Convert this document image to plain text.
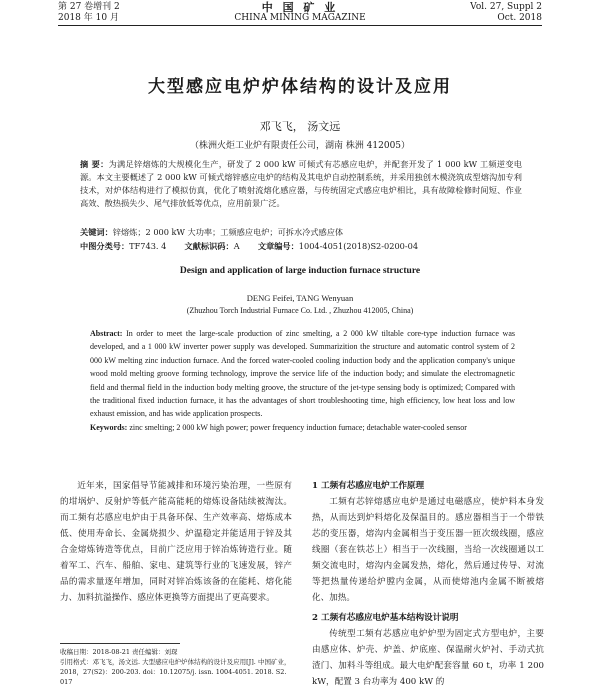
第 27 卷增刊 2
2018 年 10 月
中 国 矿 业
CHINA MINING MAGAZINE
Vol. 27, Suppl 2
Oct. 2018
大型感应电炉炉体结构的设计及应用
邓飞飞， 汤文远
（株洲火炬工业炉有限责任公司，湖南 株洲 412005）
摘 要：为满足锌熔炼的大规模化生产，研发了 2 000 kW 可倾式有芯感应电炉，并配套开发了 1 000 kW 工频逆变电源。本文主要概述了 2 000 kW 可倾式熔锌感应电炉的结构及其电炉自动控制系统，并采用独创木模浇筑成型熔沟加专利技术，对炉体结构进行了模拟仿真，优化了喷射流熔化感应器，与传统固定式感应电炉相比，具有故障检修时间短、作业高效、散热损失少、尾气排放低等优点，应用前景广泛。
关键词：锌熔炼；2 000 kW 大功率；工频感应电炉；可拆水冷式感应体
中图分类号：TF743. 4 文献标识码：A 文章编号：1004-4051(2018)S2-0200-04
Design and application of large induction furnace structure
DENG Feifei, TANG Wenyuan
(Zhuzhou Torch Industrial Furnace Co. Ltd. , Zhuzhou 412005, China)
Abstract: In order to meet the large-scale production of zinc smelting, a 2 000 kW tiltable core-type induction furnace was developed, and a 1 000 kW inverter power supply was developed. Summarizition the structure and automatic control system of 2 000 kW melting zinc induction furnace. And the forced water-cooled cooling induction body and the application company's unique wood mold melting groove forming technology, improve the service life of the induction body; and simulate the electromagnetic field and thermal field in the induction body melting groove, the structure of the jet-type sensing body is optimized; Compared with the traditional fixed induction furnace, it has the advantages of short troubleshooting time, high efficiency, low heat loss and low exhaust emission, and has wide application prospects.
Keywords: zinc smelting; 2 000 kW high power; power frequency induction furnace; detachable water-cooled sensor

近年来，国家倡导节能减排和环境污染治理，一些原有的坩埚炉、反射炉等低产能高能耗的熔炼设备陆续被淘汰。而工频有芯感应电炉由于具备环保、生产效率高、熔炼成本低、使用寿命长、金属烧损少、炉温稳定并能适用于锌及其合金熔炼铸造等优点，目前广泛应用于锌冶炼铸造行业。随着军工、汽车、船舶、家电、建筑等行业的飞速发展，锌产品的需求量逐年增加，同时对锌冶炼该备的在能耗、熔化能力、加料抗溢操作、感应体更换等方面提出了更高要求。

1 工频有芯感应电炉工作原理

工频有芯锌熔感应电炉是通过电磁感应，使炉料本身发热，从而达到炉料熔化及保温目的。感应器相当于一个带铁芯的变压器，熔沟内金属相当于变压器一匝次级线圈，感应线圈（套在铁芯上）相当于一次线圈，当给一次线圈通以工频交流电时，熔沟内金属发热，熔化，然后通过传导、对流等把热量传递给炉膛内金属，从而使熔池内金属不断被熔化、加热。

2 工频有芯感应电炉基本结构设计说明

传统型工频有芯感应电炉炉型为固定式方型电炉，主要由感应体、炉壳、炉盖、炉底座、保温耐火炉衬、手动式抗渣门、加料斗等组成。最大电炉配套容量 60 t，功率 1 200 kW，配置 3 台功率为 400 kW 的

收稿日期：2018-08-21 责任编辑：刘琛
引用格式：邓飞飞，汤文远. 大型感应电炉炉体结构的设计及应用[J]. 中国矿业，2018，27(S2)：200-203. doi：10.12075/j. issn. 1004-4051. 2018. S2. 017
